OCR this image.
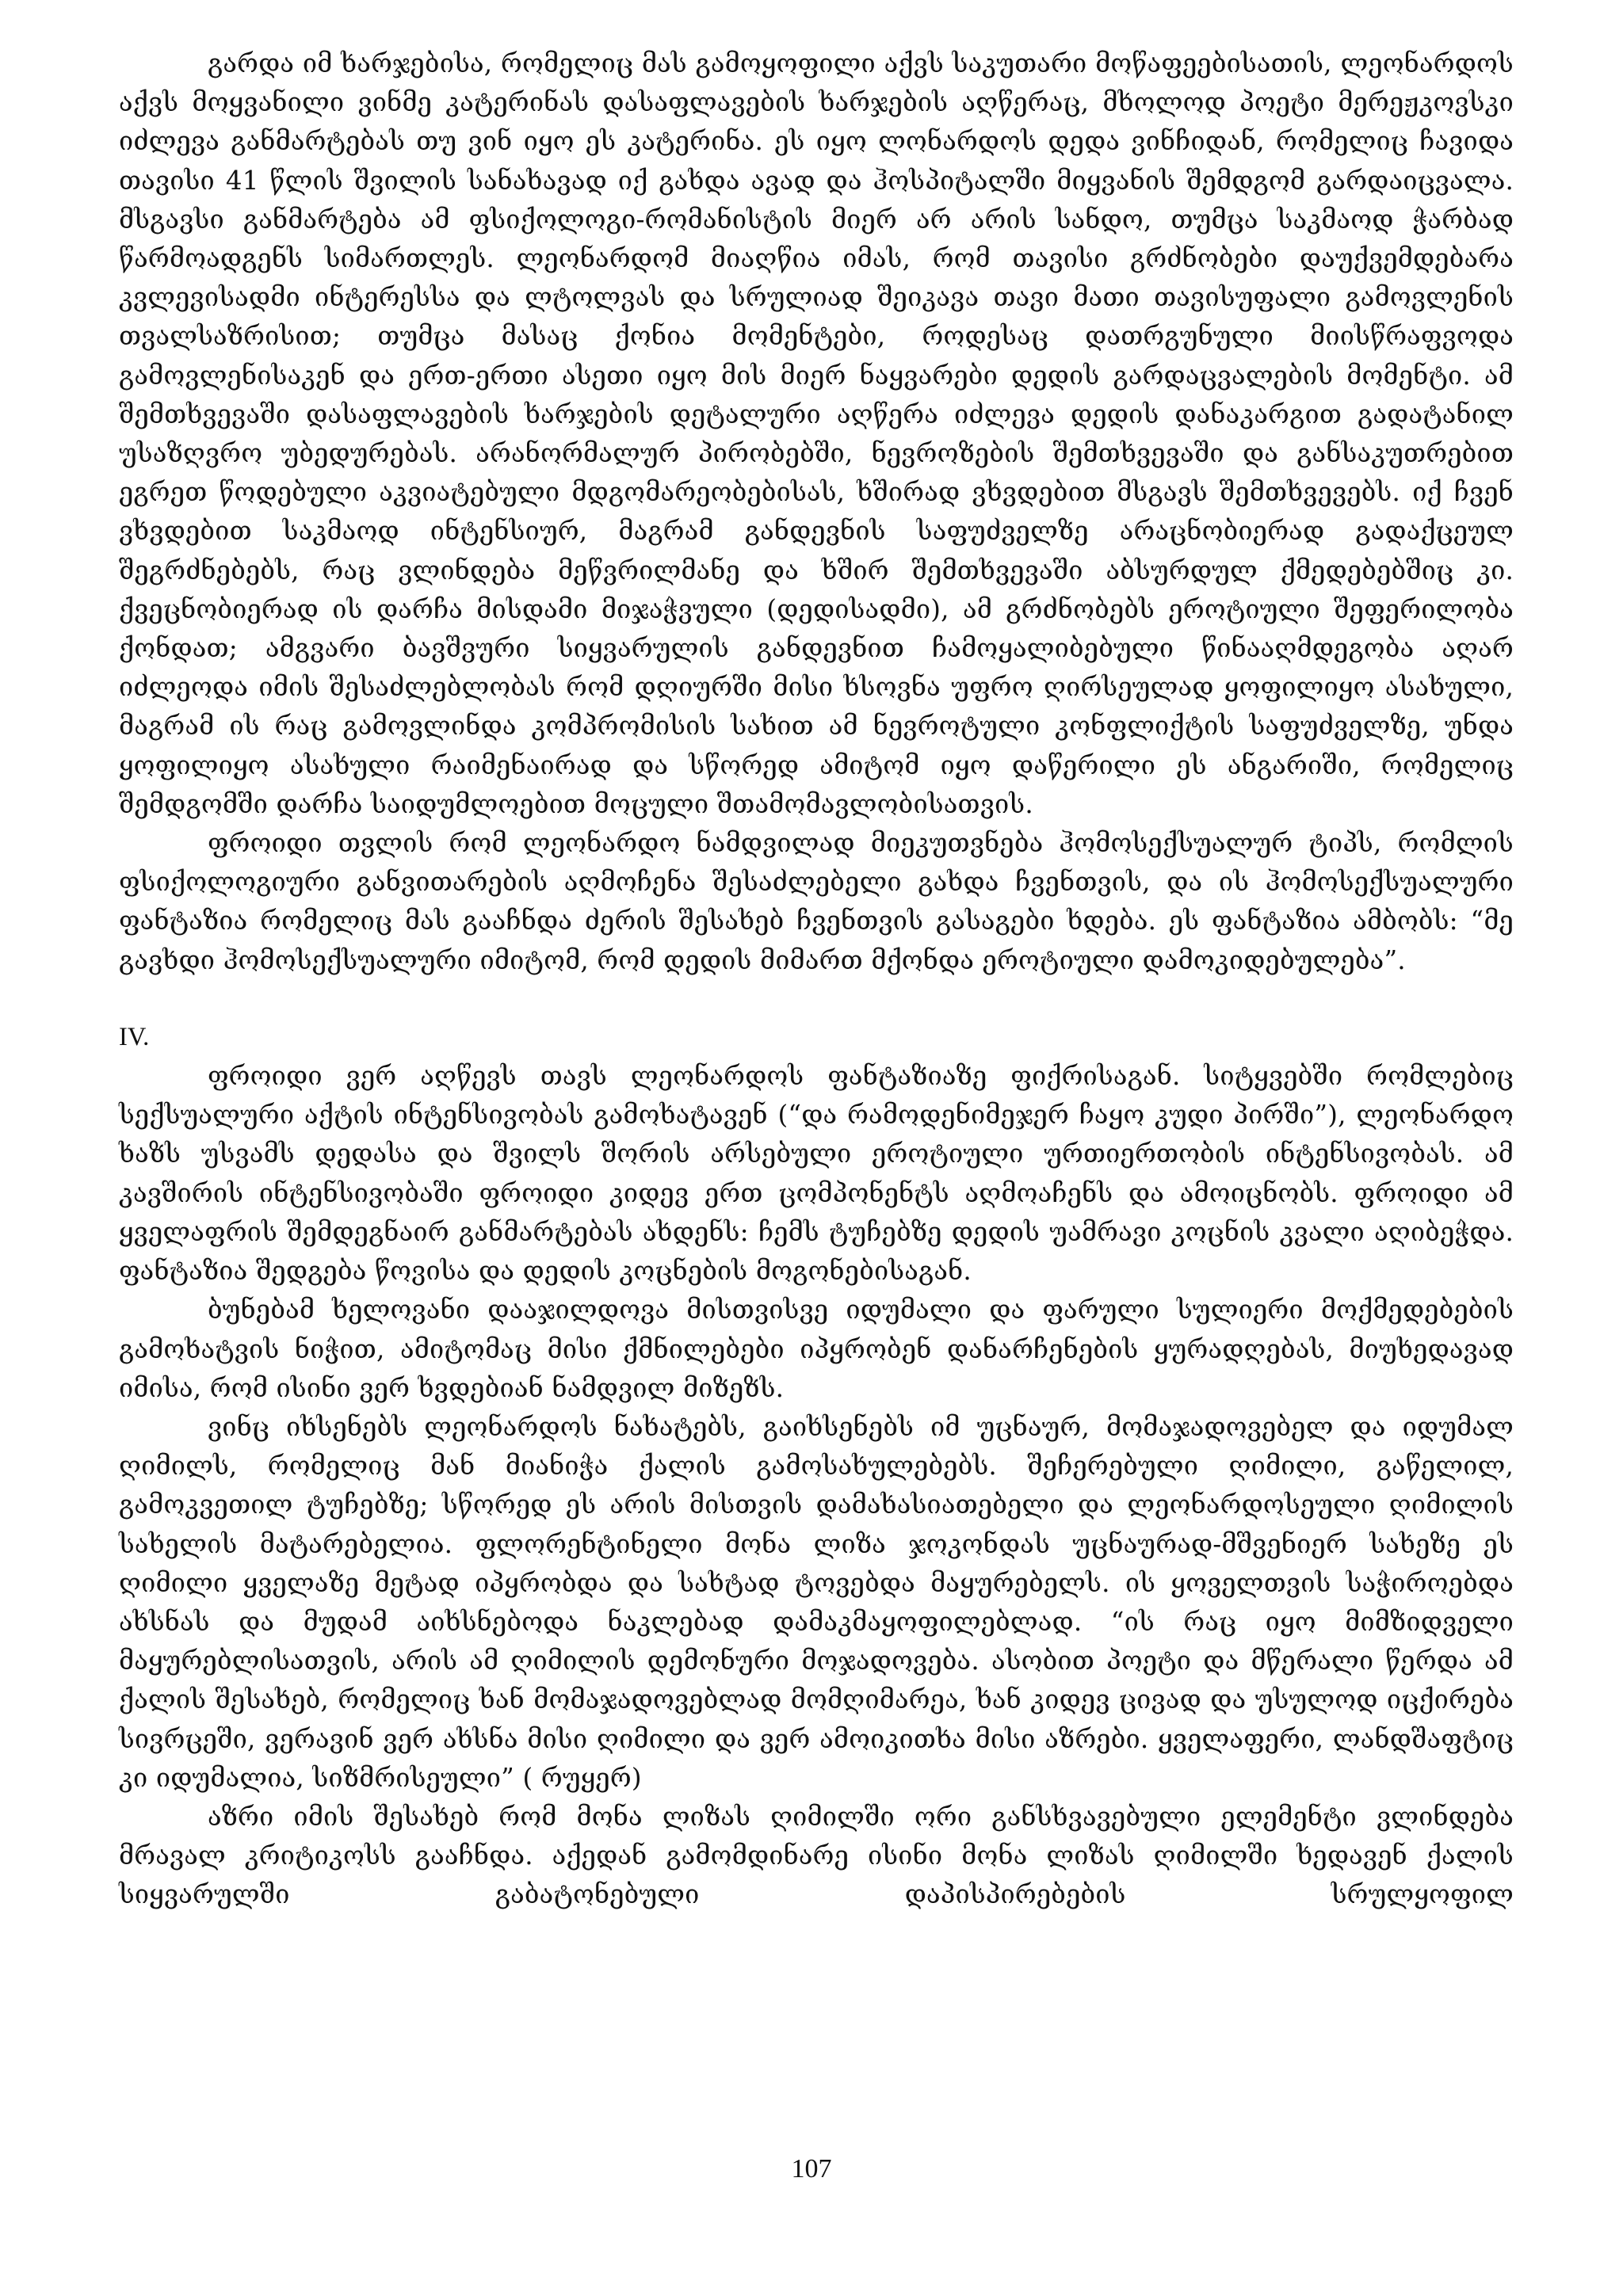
გარდა იმ ხარჯებისა, რომელიც მას გამოყოფილი აქვს საკუთარი მოწაფეებისათის, ლეონარდოს აქვს მოყვანილი ვინმე კატერინას დასაფლავების ხარჯების აღწერაც, მხოლოდ პოეტი მერეჟკოვსკი იძლევა განმარტებას თუ ვინ იყო ეს კატერინა. ეს იყო ლონარდოს დედა ვინჩიდან, რომელიც ჩავიდა თავისი 41 წლის შვილის სანახავად იქ გახდა ავად და ჰოსპიტალში მიყვანის შემდგომ გარდაიცვალა. მსგავსი განმარტება ამ ფსიქოლოგი-რომანისტის მიერ არ არის სანდო, თუმცა საკმაოდ ჭარბად წარმოადგენს სიმართლეს. ლეონარდომ მიაღწია იმას, რომ თავისი გრძნობები დაუქვემდებარა კვლევისადმი ინტერესსა და ლტოლვას და სრულიად შეიკავა თავი მათი თავისუფალი გამოვლენის თვალსაზრისით; თუმცა მასაც ქონია მომენტები, როდესაც დათრგუნული მიისწრაფვოდა გამოვლენისაკენ და ერთ-ერთი ასეთი იყო მის მიერ ნაყვარები დედის გარდაცვალების მომენტი. ამ შემთხვევაში დასაფლავების ხარჯების დეტალური აღწერა იძლევა დედის დანაკარგით გადატანილ უსაზღვრო უბედურებას. არანორმალურ პირობებში, ნევროზების შემთხვევაში და განსაკუთრებით ეგრეთ წოდებული აკვიატებული მდგომარეობებისას, ხშირად ვხვდებით მსგავს შემთხვევებს. იქ ჩვენ ვხვდებით საკმაოდ ინტენსიურ, მაგრამ განდევნის საფუძველზე არაცნობიერად გადაქცეულ შეგრძნებებს, რაც ვლინდება მეწვრილმანე და ხშირ შემთხვევაში აბსურდულ ქმედებებშიც კი. ქვეცნობიერად ის დარჩა მისდამი მიჯაჭვული (დედისადმი), ამ გრძნობებს ეროტიული შეფერილობა ქონდათ; ამგვარი ბავშვური სიყვარულის განდევნით ჩამოყალიბებული წინააღმდეგობა აღარ იძლეოდა იმის შესაძლებლობას რომ დღიურში მისი ხსოვნა უფრო ღირსეულად ყოფილიყო ასახული, მაგრამ ის რაც გამოვლინდა კომპრომისის სახით ამ ნევროტული კონფლიქტის საფუძველზე, უნდა ყოფილიყო ასახული რაიმენაირად და სწორედ ამიტომ იყო დაწერილი ეს ანგარიში, რომელიც შემდგომში დარჩა საიდუმლოებით მოცული შთამომავლობისათვის.

ფროიდი თვლის რომ ლეონარდო ნამდვილად მიეკუთვნება ჰომოსექსუალურ ტიპს, რომლის ფსიქოლოგიური განვითარების აღმოჩენა შესაძლებელი გახდა ჩვენთვის, და ის ჰომოსექსუალური ფანტაზია რომელიც მას გააჩნდა ძერის შესახებ ჩვენთვის გასაგები ხდება. ეს ფანტაზია ამბობს: “მე გავხდი ჰომოსექსუალური იმიტომ, რომ დედის მიმართ მქონდა ეროტიული დამოკიდებულება”.

IV.

ფროიდი ვერ აღწევს თავს ლეონარდოს ფანტაზიაზე ფიქრისაგან. სიტყვებში რომლებიც სექსუალური აქტის ინტენსივობას გამოხატავენ (“და რამოდენიმეჯერ ჩაყო კუდი პირში”), ლეონარდო ხაზს უსვამს დედასა და შვილს შორის არსებული ეროტიული ურთიერთობის ინტენსივობას. ამ კავშირის ინტენსივობაში ფროიდი კიდევ ერთ ცომპონენტს აღმოაჩენს და ამოიცნობს. ფროიდი ამ ყველაფრის შემდეგნაირ განმარტებას ახდენს: ჩემს ტუჩებზე დედის უამრავი კოცნის კვალი აღიბეჭდა. ფანტაზია შედგება წოვისა და დედის კოცნების მოგონებისაგან.

ბუნებამ ხელოვანი დააჯილდოვა მისთვისვე იდუმალი და ფარული სულიერი მოქმედებების გამოხატვის ნიჭით, ამიტომაც მისი ქმნილებები იპყრობენ დანარჩენების ყურადღებას, მიუხედავად იმისა, რომ ისინი ვერ ხვდებიან ნამდვილ მიზეზს.

ვინც იხსენებს ლეონარდოს ნახატებს, გაიხსენებს იმ უცნაურ, მომაჯადოვებელ და იდუმალ ღიმილს, რომელიც მან მიანიჭა ქალის გამოსახულებებს. შეჩერებული ღიმილი, გაწელილ, გამოკვეთილ ტუჩებზე; სწორედ ეს არის მისთვის დამახასიათებელი და ლეონარდოსეული ღიმილის სახელის მატარებელია. ფლორენტინელი მონა ლიზა ჯოკონდას უცნაურად-მშვენიერ სახეზე ეს ღიმილი ყველაზე მეტად იპყრობდა და სახტად ტოვებდა მაყურებელს. ის ყოველთვის საჭიროებდა ახსნას და მუდამ აიხსნებოდა ნაკლებად დამაკმაყოფილებლად. “ის რაც იყო მიმზიდველი მაყურებლისათვის, არის ამ ღიმილის დემონური მოჯადოვება. ასობით პოეტი და მწერალი წერდა ამ ქალის შესახებ, რომელიც ხან მომაჯადოვებლად მომღიმარეა, ხან კიდევ ცივად და უსულოდ იცქირება სივრცეში, ვერავინ ვერ ახსნა მისი ღიმილი და ვერ ამოიკითხა მისი აზრები. ყველაფერი, ლანდშაფტიც კი იდუმალია, სიზმრისეული” ( რუყერ)

აზრი იმის შესახებ რომ მონა ლიზას ღიმილში ორი განსხვავებული ელემენტი ვლინდება მრავალ კრიტიკოსს გააჩნდა. აქედან გამომდინარე ისინი მონა ლიზას ღიმილში ხედავენ ქალის სიყვარულში გაბატონებული დაპისპირებების სრულყოფილ

107
